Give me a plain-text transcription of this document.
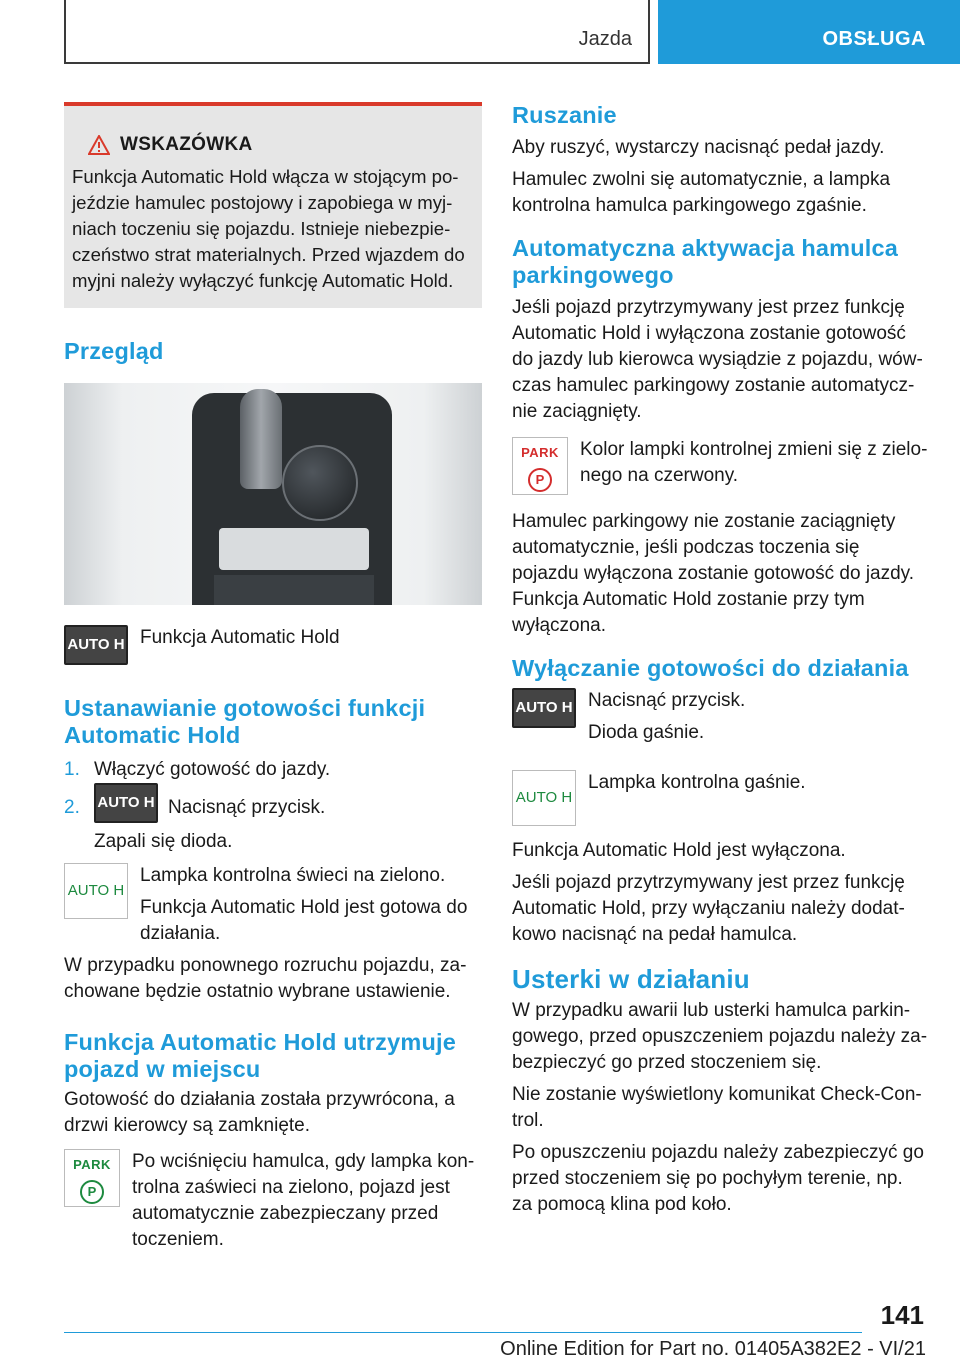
Jazda	OBSŁUGA
WSKAZÓWKA
Funkcja Automatic Hold włącza w stojącym pojeździe hamulec postojowy i zapobiega w myjniach toczeniu się pojazdu. Istnieje niebezpieczeństwo strat materialnych. Przed wjazdem do myjni należy wyłączyć funkcję Automatic Hold.
Przegląd
AUTO H Funkcja Automatic Hold
Ustanawianie gotowości funkcji Automatic Hold
1. Włączyć gotowość do jazdy.
2.	AUTO H Nacisnąć przycisk.

Zapali się dioda.

AUTO H

Lampka kontrolna świeci na zielono.

Funkcja Automatic Hold jest gotowa do działania.

W przypadku ponownego rozruchu pojazdu, zachowane będzie ostatnio wybrane ustawienie.

Funkcja Automatic Hold utrzymuje pojazd w miejscu

Gotowość do działania została przywrócona, a drzwi kierowcy są zamknięte.

PARK
P
Po wciśnięciu hamulca, gdy lampka kontrolna zaświeci na zielono, pojazd jest automatycznie zabezpieczany przed toczeniem.
Ruszanie

Aby ruszyć, wystarczy nacisnąć pedał jazdy.

Hamulec zwolni się automatycznie, a lampka kontrolna hamulca parkingowego zgaśnie.

Automatyczna aktywacja hamulca parkingowego

Jeśli pojazd przytrzymywany jest przez funkcję Automatic Hold i wyłączona zostanie gotowość do jazdy lub kierowca wysiądzie z pojazdu, wówczas hamulec parkingowy zostanie automatycznie zaciągnięty.

PARK
P
Kolor lampki kontrolnej zmieni się z zielonego na czerwony.

Hamulec parkingowy nie zostanie zaciągnięty automatycznie, jeśli podczas toczenia się pojazdu wyłączona zostanie gotowość do jazdy. Funkcja Automatic Hold zostanie przy tym wyłączona.

Wyłączanie gotowości do działania
AUTO H Nacisnąć przycisk.

Dioda gaśnie.

AUTO H
Lampka kontrolna gaśnie.

Funkcja Automatic Hold jest wyłączona.

Jeśli pojazd przytrzymywany jest przez funkcję Automatic Hold, przy wyłączaniu należy dodatkowo nacisnąć na pedał hamulca.

Usterki w działaniu

W przypadku awarii lub usterki hamulca parkingowego, przed opuszczeniem pojazdu należy zabezpieczyć go przed stoczeniem się.

Nie zostanie wyświetlony komunikat Check-Control.

Po opuszczeniu pojazdu należy zabezpieczyć go przed stoczeniem się po pochyłym terenie, np. za pomocą klina pod koło.

141
Online Edition for Part no. 01405A382E2 - VI/21
